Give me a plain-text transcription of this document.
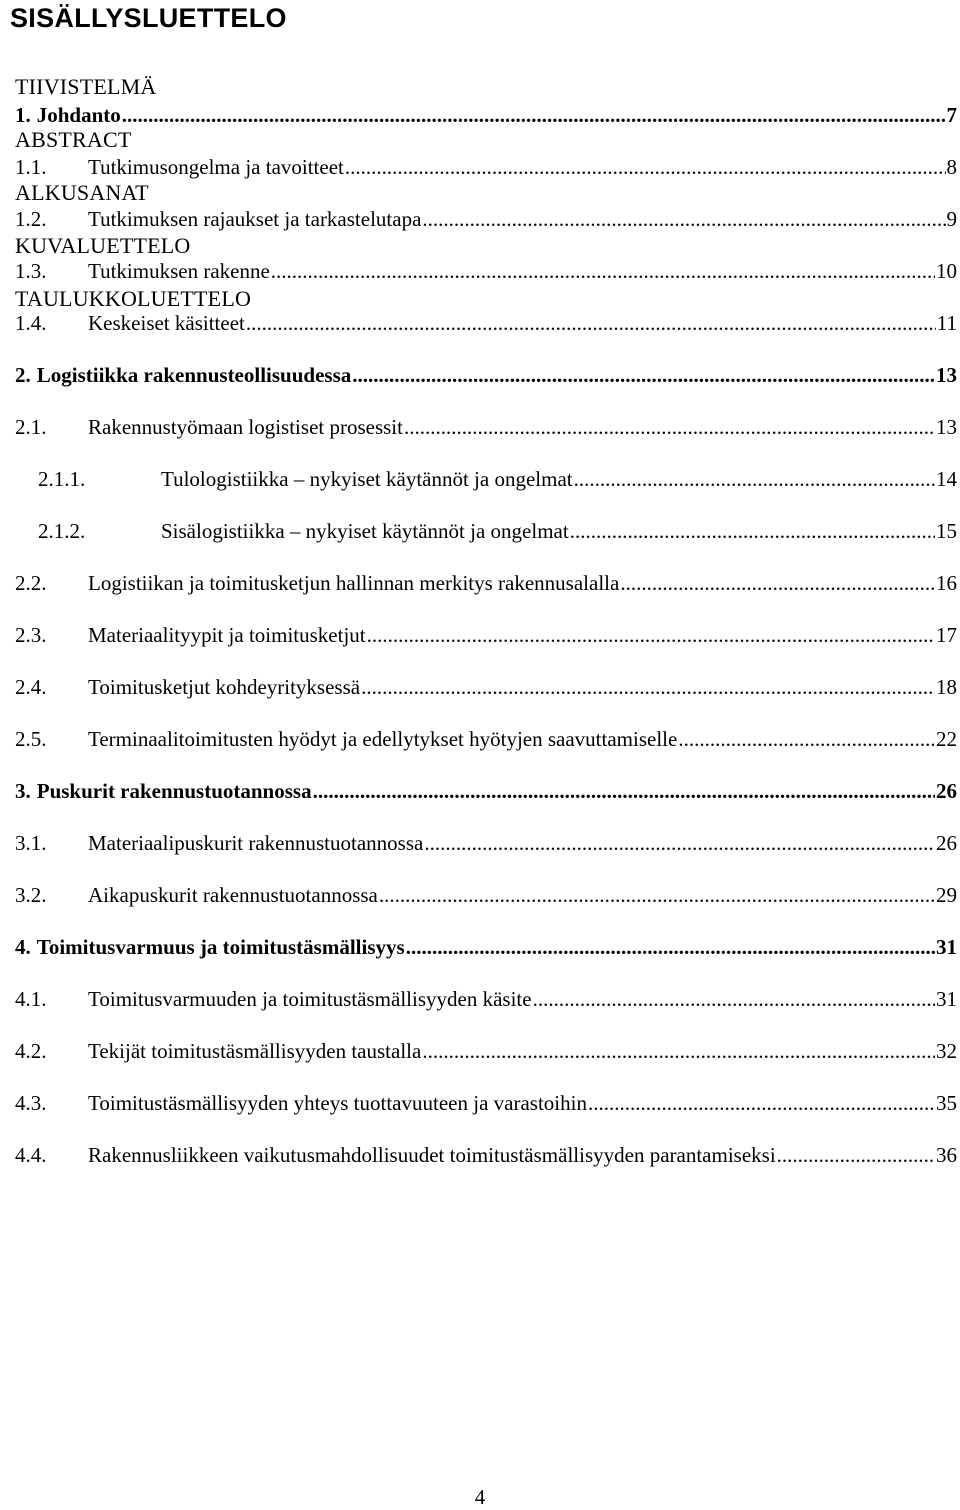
SISÄLLYSLUETTELO
TIIVISTELMÄ
ABSTRACT
ALKUSANAT
KUVALUETTELO
TAULUKKOLUETTELO
1. Johdanto .....	7
1.1.	Tutkimusongelma ja tavoitteet .....	8
1.2.	Tutkimuksen rajaukset ja tarkastelutapa .....	9
1.3.	Tutkimuksen rakenne .....	10
1.4.	Keskeiset käsitteet .....	11
2. Logistiikka rakennusteollisuudessa .....	13
2.1.	Rakennustyömaan logistiset prosessit .....	13
2.1.1.	Tulologistiikka – nykyiset käytännöt ja ongelmat .....	14
2.1.2.	Sisälogistiikka – nykyiset käytännöt ja ongelmat .....	15
2.2.	Logistiikan ja toimitusketjun hallinnan merkitys rakennusalalla .....	16
2.3.	Materiaalityypit ja toimitusketjut .....	17
2.4.	Toimitusketjut kohdeyrityksessä .....	18
2.5.	Terminaalitoimitusten hyödyt ja edellytykset hyötyjen saavuttamiselle .....	22
3. Puskurit rakennustuotannossa .....	26
3.1.	Materiaalipuskurit rakennustuotannossa .....	26
3.2.	Aikapuskurit rakennustuotannossa .....	29
4. Toimitusvarmuus ja toimitustäsmällisyys .....	31
4.1.	Toimitusvarmuuden ja toimitustäsmällisyyden käsite .....	31
4.2.	Tekijät toimitustäsmällisyyden taustalla .....	32
4.3.	Toimitustäsmällisyyden yhteys tuottavuuteen ja varastoihin .....	35
4.4.	Rakennusliikkeen vaikutusmahdollisuudet toimitustäsmällisyyden parantamiseksi .....	36
4
